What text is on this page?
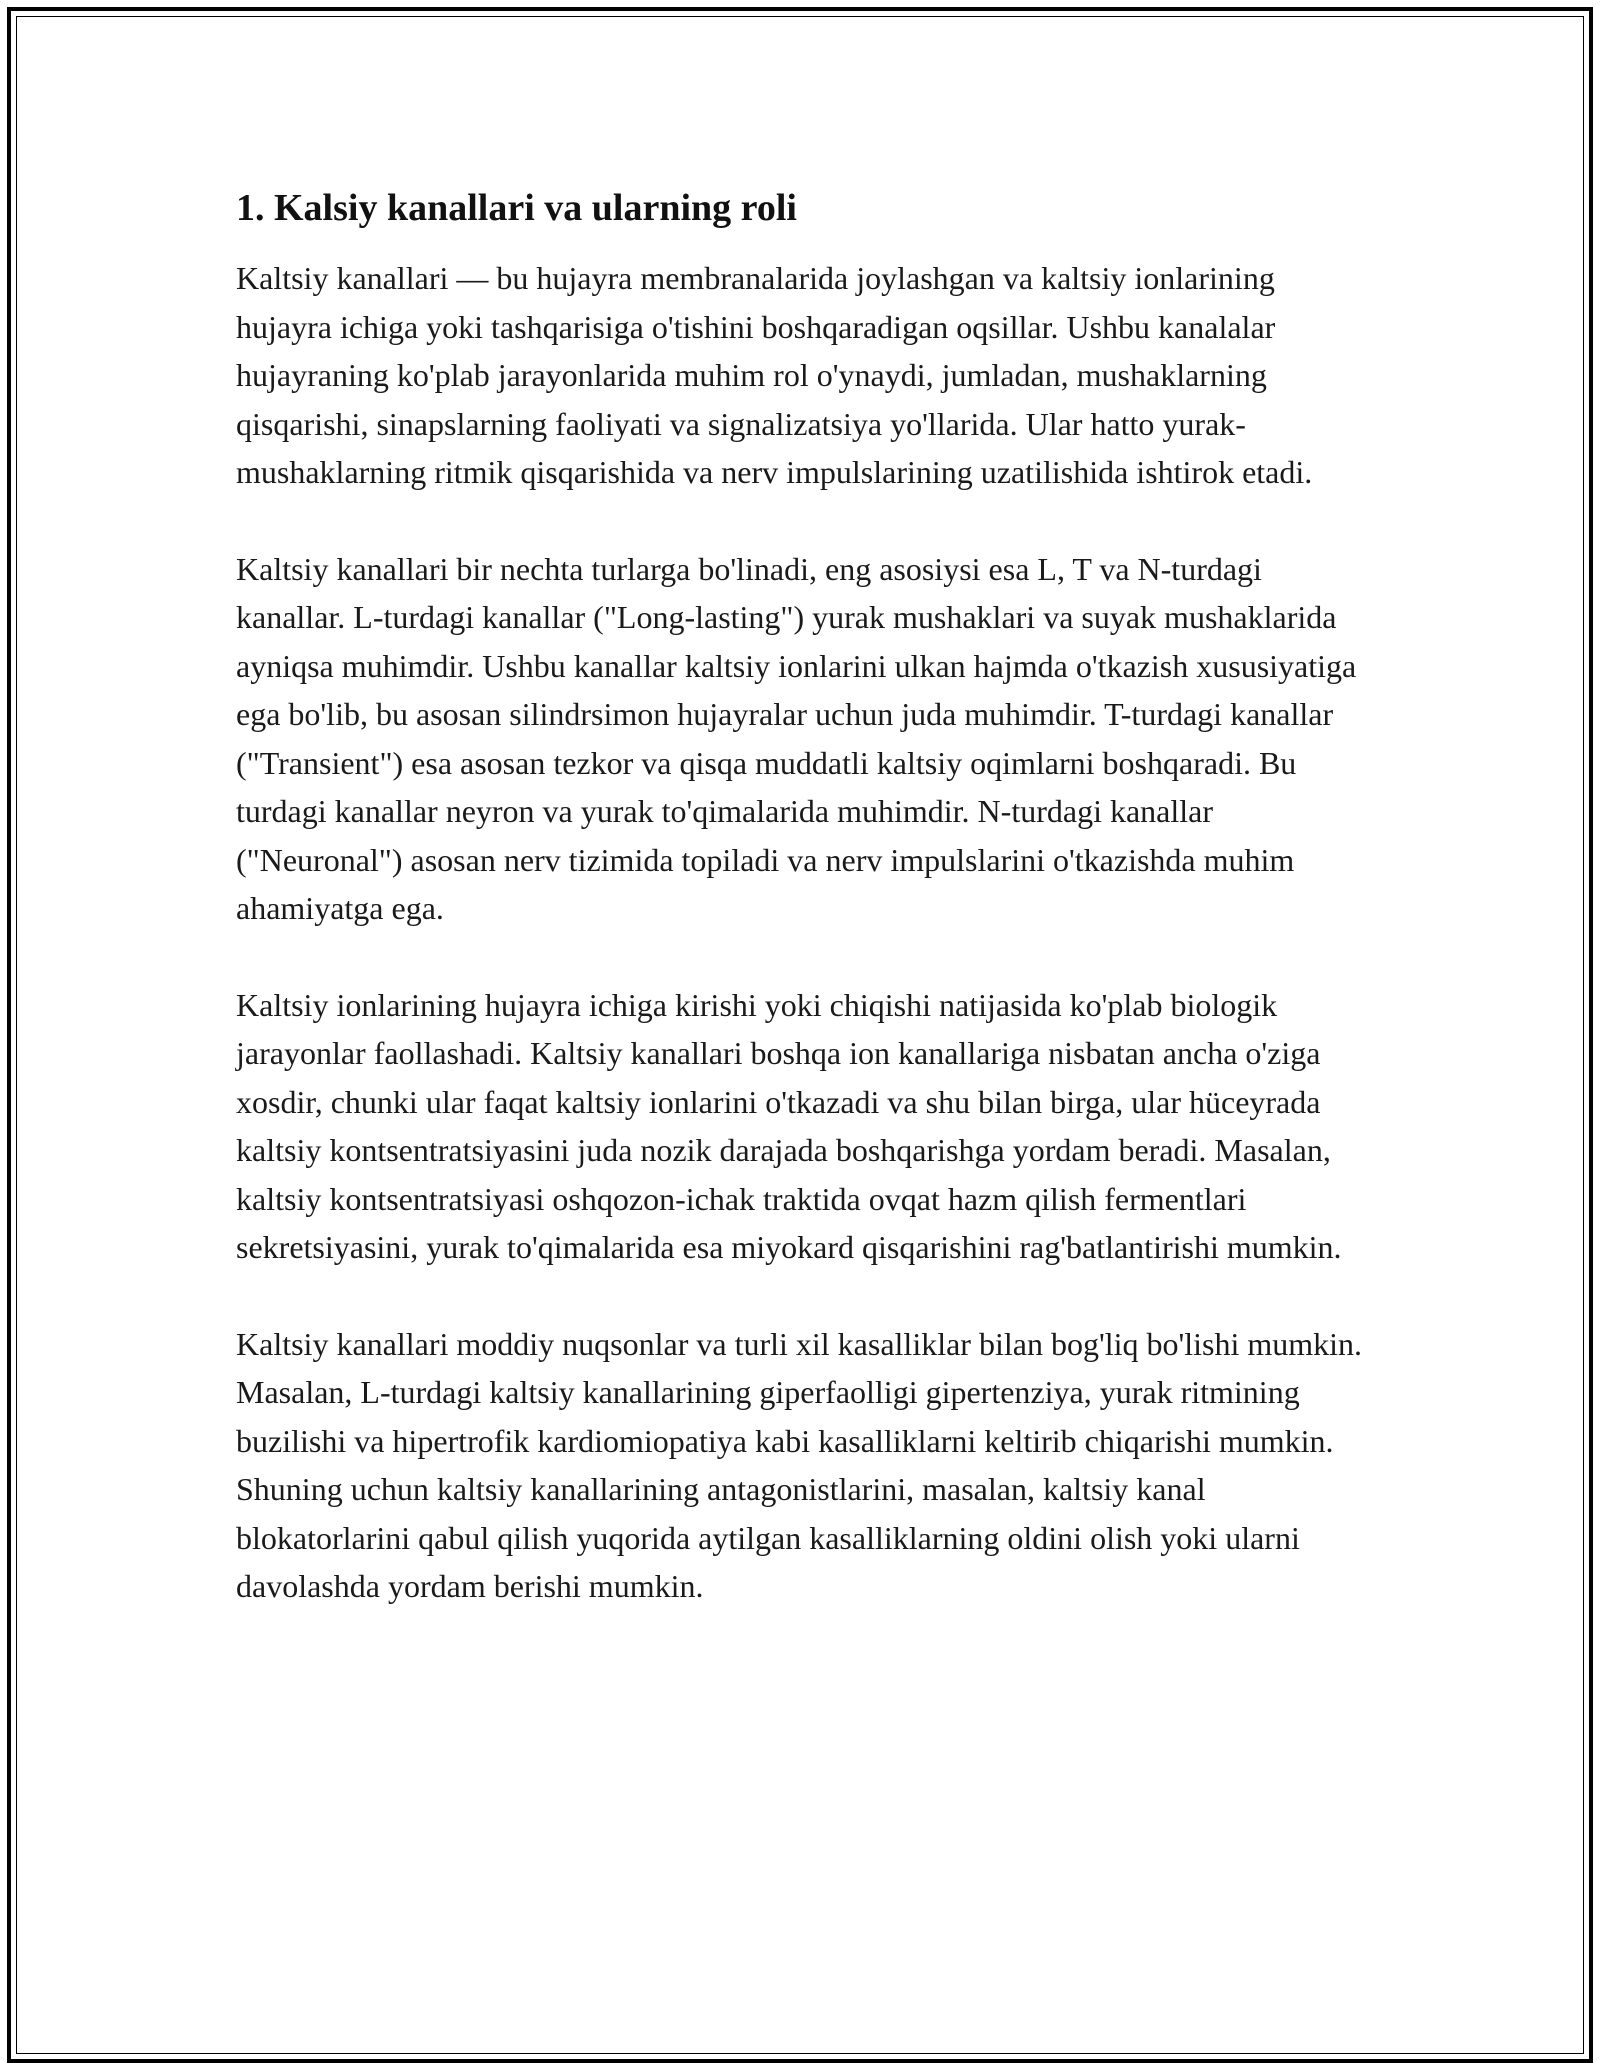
1. Kalsiy kanallari va ularning roli

Kaltsiy kanallari — bu hujayra membranalarida joylashgan va kaltsiy ionlarining hujayra ichiga yoki tashqarisiga o'tishini boshqaradigan oqsillar. Ushbu kanalalar hujayraning ko'plab jarayonlarida muhim rol o'ynaydi, jumladan, mushaklarning qisqarishi, sinapslarning faoliyati va signalizatsiya yo'llarida. Ular hatto yurak-mushaklarning ritmik qisqarishida va nerv impulslarining uzatilishida ishtirok etadi.

Kaltsiy kanallari bir nechta turlarga bo'linadi, eng asosiysi esa L, T va N-turdagi kanallar. L-turdagi kanallar ("Long-lasting") yurak mushaklari va suyak mushaklarida ayniqsa muhimdir. Ushbu kanallar kaltsiy ionlarini ulkan hajmda o'tkazish xususiyatiga ega bo'lib, bu asosan silindrsimon hujayralar uchun juda muhimdir. T-turdagi kanallar ("Transient") esa asosan tezkor va qisqa muddatli kaltsiy oqimlarni boshqaradi. Bu turdagi kanallar neyron va yurak to'qimalarida muhimdir. N-turdagi kanallar ("Neuronal") asosan nerv tizimida topiladi va nerv impulslarini o'tkazishda muhim ahamiyatga ega.

Kaltsiy ionlarining hujayra ichiga kirishi yoki chiqishi natijasida ko'plab biologik jarayonlar faollashadi. Kaltsiy kanallari boshqa ion kanallariga nisbatan ancha o'ziga xosdir, chunki ular faqat kaltsiy ionlarini o'tkazadi va shu bilan birga, ular hüceyrada kaltsiy kontsentratsiyasini juda nozik darajada boshqarishga yordam beradi. Masalan, kaltsiy kontsentratsiyasi oshqozon-ichak traktida ovqat hazm qilish fermentlari sekretsiyasini, yurak to'qimalarida esa miyokard qisqarishini rag'batlantirishi mumkin.

Kaltsiy kanallari moddiy nuqsonlar va turli xil kasalliklar bilan bog'liq bo'lishi mumkin. Masalan, L-turdagi kaltsiy kanallarining giperfaolligi gipertenziya, yurak ritmining buzilishi va hipertrofik kardiomiopatiya kabi kasalliklarni keltirib chiqarishi mumkin. Shuning uchun kaltsiy kanallarining antagonistlarini, masalan, kaltsiy kanal blokatorlarini qabul qilish yuqorida aytilgan kasalliklarning oldini olish yoki ularni davolashda yordam berishi mumkin.
